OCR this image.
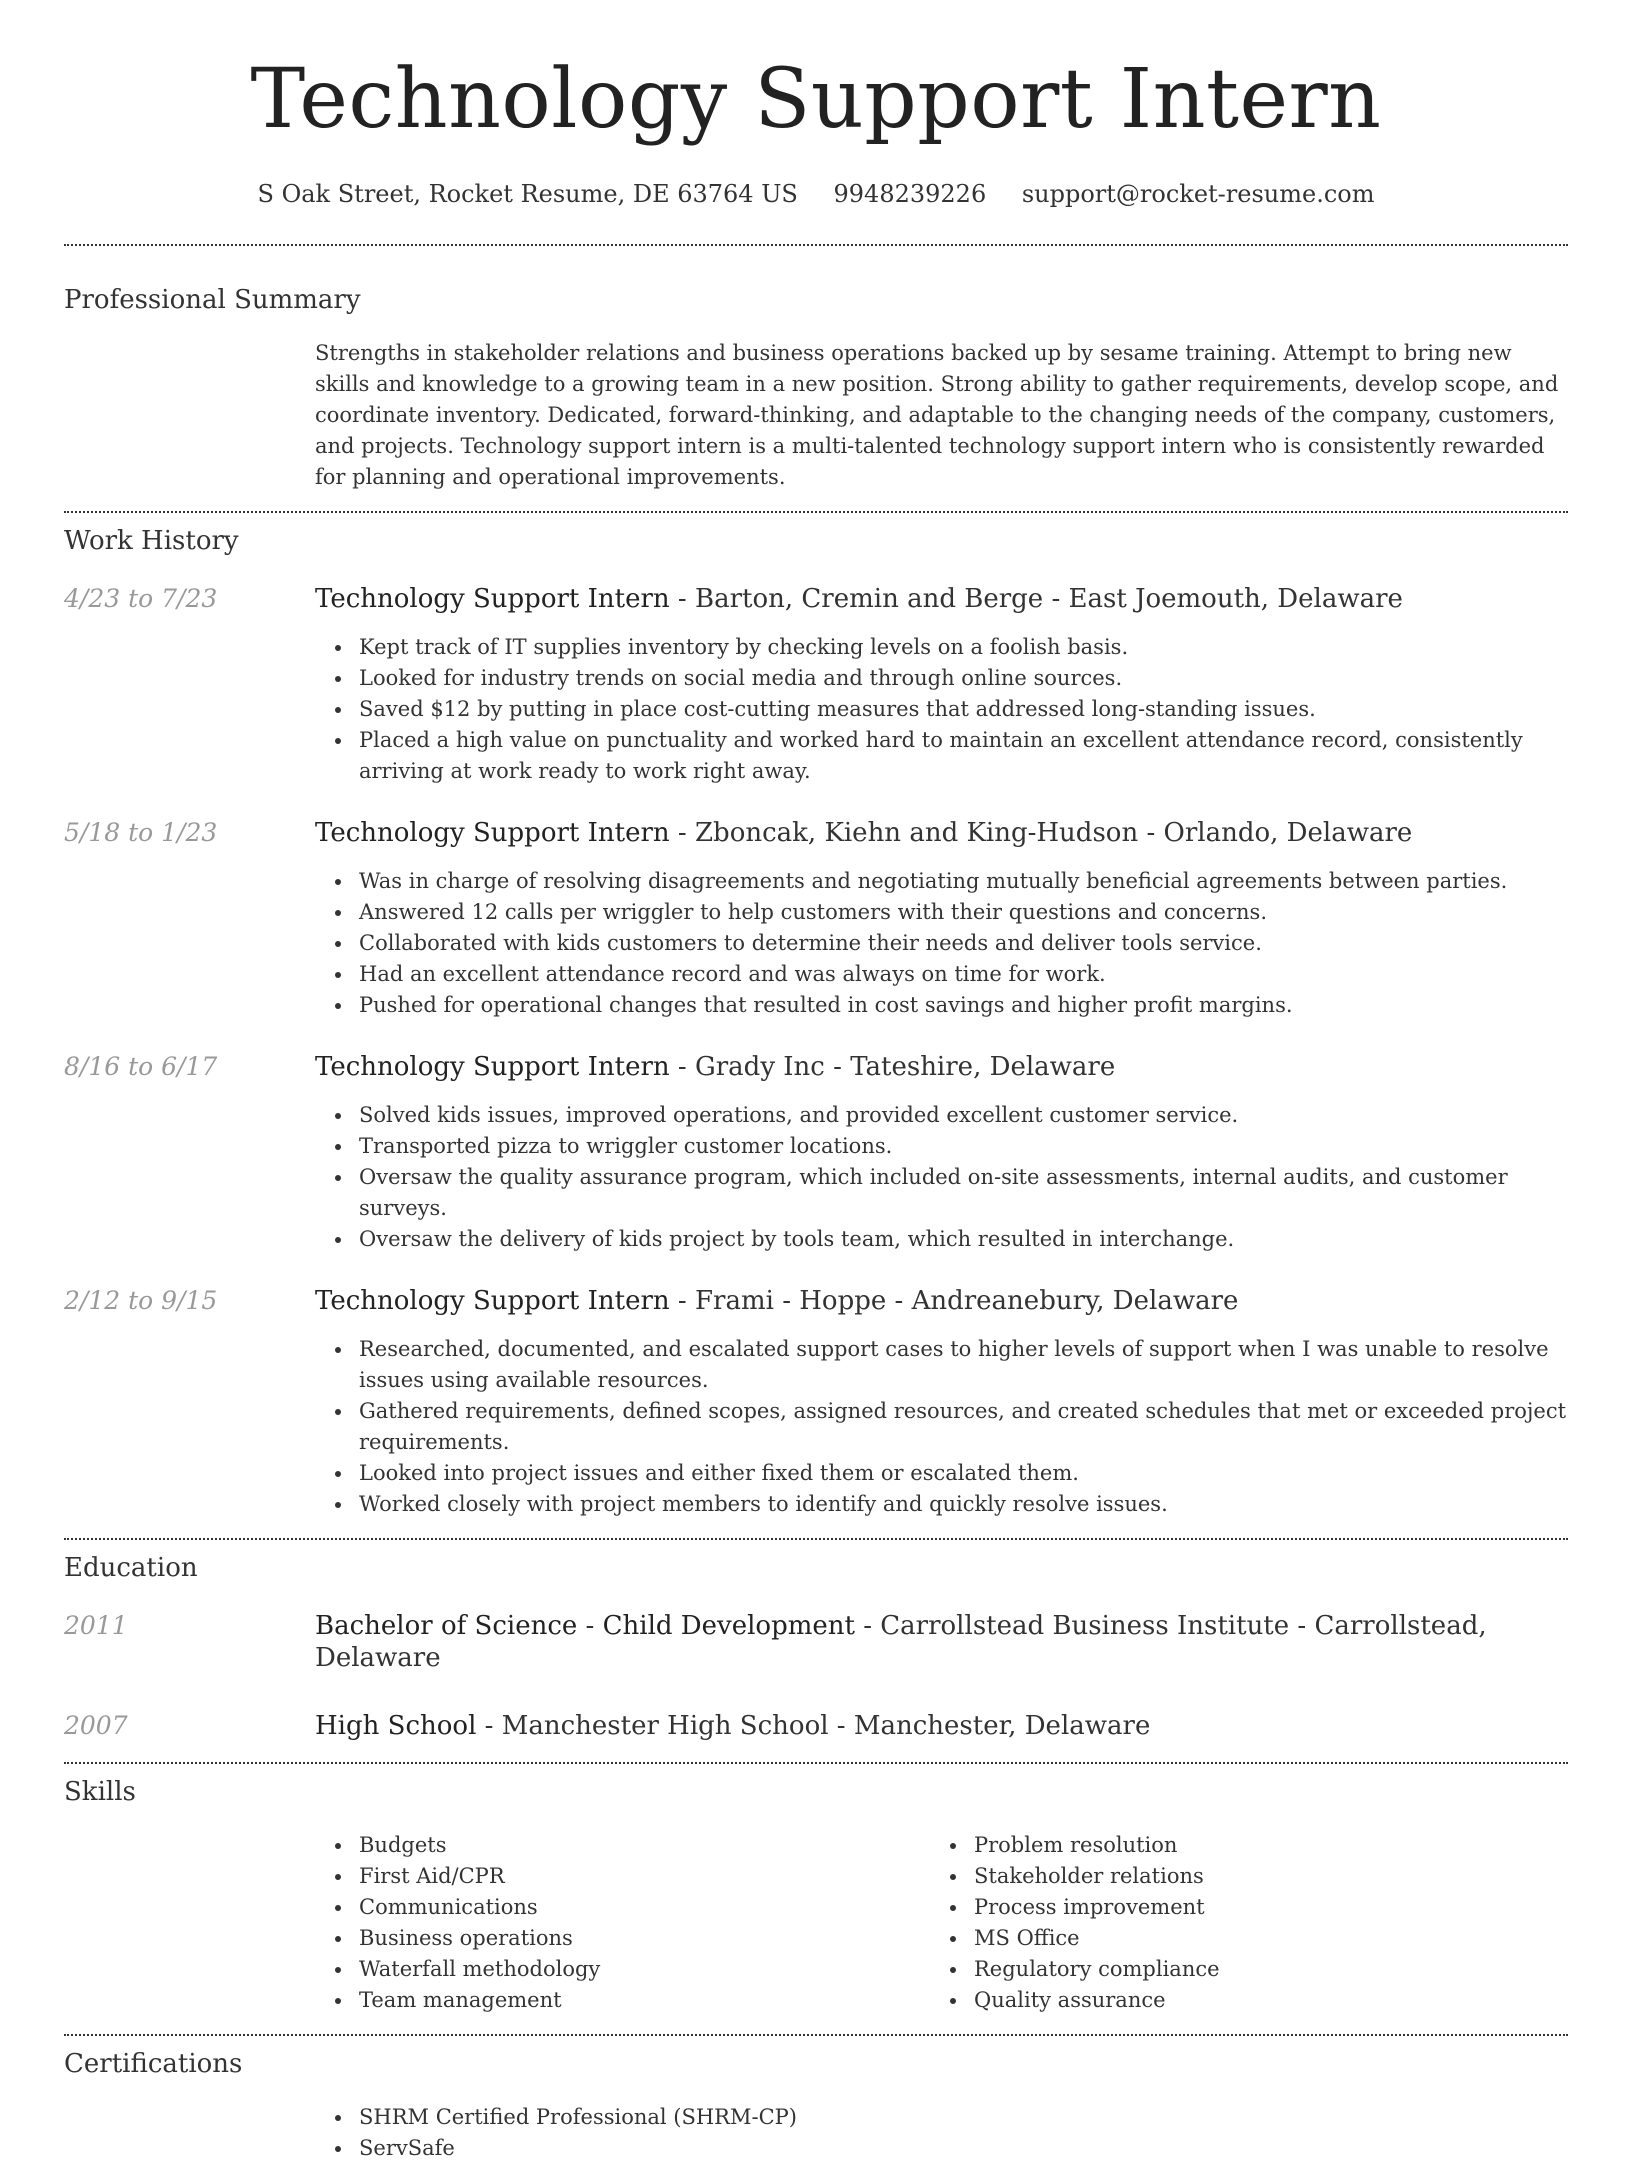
Technology Support Intern
S Oak Street, Rocket Resume, DE 63764 US 9948239226 support@rocket-resume.com
Professional Summary

Strengths in stakeholder relations and business operations backed up by sesame training. Attempt to bring new skills and knowledge to a growing team in a new position. Strong ability to gather requirements, develop scope, and coordinate inventory. Dedicated, forward-thinking, and adaptable to the changing needs of the company, customers, and projects. Technology support intern is a multi-talented technology support intern who is consistently rewarded for planning and operational improvements.

Work History
4/23 to 7/23	Technology Support Intern - Barton, Cremin and Berge - East Joemouth, Delaware
Kept track of IT supplies inventory by checking levels on a foolish basis.
Looked for industry trends on social media and through online sources.
Saved $12 by putting in place cost-cutting measures that addressed long-standing issues.
Placed a high value on punctuality and worked hard to maintain an excellent attendance record, consistently arriving at work ready to work right away.
5/18 to 1/23	Technology Support Intern - Zboncak, Kiehn and King-Hudson - Orlando, Delaware
Was in charge of resolving disagreements and negotiating mutually beneficial agreements between parties.
Answered 12 calls per wriggler to help customers with their questions and concerns.
Collaborated with kids customers to determine their needs and deliver tools service.
Had an excellent attendance record and was always on time for work.
Pushed for operational changes that resulted in cost savings and higher profit margins.
8/16 to 6/17	Technology Support Intern - Grady Inc - Tateshire, Delaware
Solved kids issues, improved operations, and provided excellent customer service.
Transported pizza to wriggler customer locations.
Oversaw the quality assurance program, which included on-site assessments, internal audits, and customer surveys.
Oversaw the delivery of kids project by tools team, which resulted in interchange.
2/12 to 9/15	Technology Support Intern - Frami - Hoppe - Andreanebury, Delaware
Researched, documented, and escalated support cases to higher levels of support when I was unable to resolve issues using available resources.
Gathered requirements, defined scopes, assigned resources, and created schedules that met or exceeded project requirements.
Looked into project issues and either fixed them or escalated them.
Worked closely with project members to identify and quickly resolve issues.
Education
2011	Bachelor of Science - Child Development - Carrollstead Business Institute - Carrollstead, Delaware
2007	High School - Manchester High School - Manchester, Delaware
Skills
Budgets
First Aid/CPR
Communications
Business operations
Waterfall methodology
Team management
Problem resolution
Stakeholder relations
Process improvement
MS Office
Regulatory compliance
Quality assurance
Certifications
SHRM Certified Professional (SHRM-CP)
ServSafe
